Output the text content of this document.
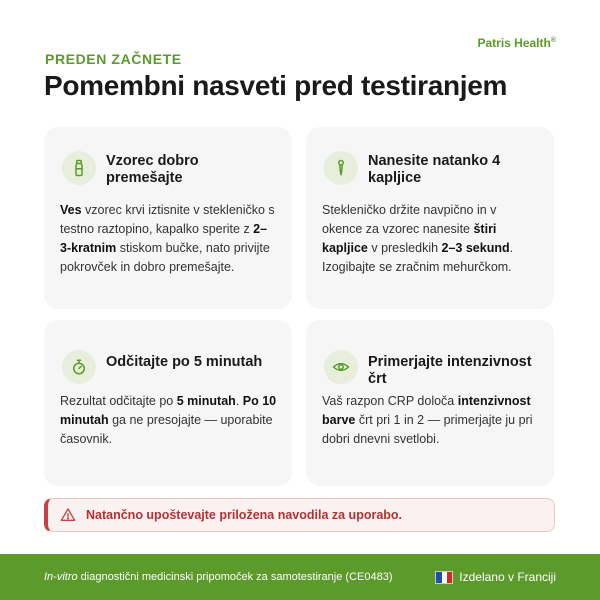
Patris Health®
PREDEN ZAČNETE
Pomembni nasveti pred testiranjem
Vzorec dobro premešajte
Ves vzorec krvi iztisnite v stekleničko s testno raztopino, kapalko sperite z 2–3-kratnim stiskom bučke, nato privijte pokrovček in dobro premešajte.
Nanesite natanko 4 kapljice
Stekleničko držite navpično in v okence za vzorec nanesite štiri kapljice v presledkih 2–3 sekund. Izogibajte se zračnim mehurčkom.
Odčitajte po 5 minutah
Rezultat odčitajte po 5 minutah. Po 10 minutah ga ne presojajte — uporabite časovnik.
Primerjajte intenzivnost črt
Vaš razpon CRP določa intenzivnost barve črt pri 1 in 2 — primerjajte ju pri dobri dnevni svetlobi.
Natančno upoštevajte priložena navodila za uporabo.
In-vitro diagnostični medicinski pripomoček za samotestiranje (CE0483)	Izdelano v Franciji
